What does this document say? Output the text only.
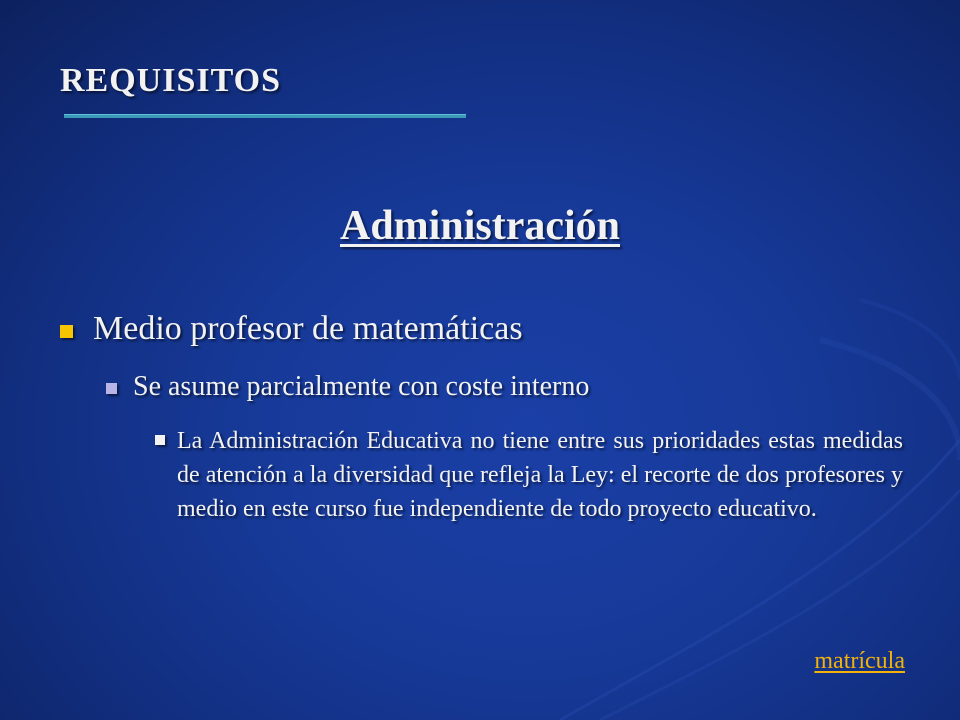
REQUISITOS
Administración
Medio profesor de matemáticas
Se asume parcialmente con coste interno
La Administración Educativa no tiene entre sus prioridades estas medidas de atención a la diversidad que refleja la Ley: el recorte de dos profesores y medio en este curso fue independiente de todo proyecto educativo.
matrícula
